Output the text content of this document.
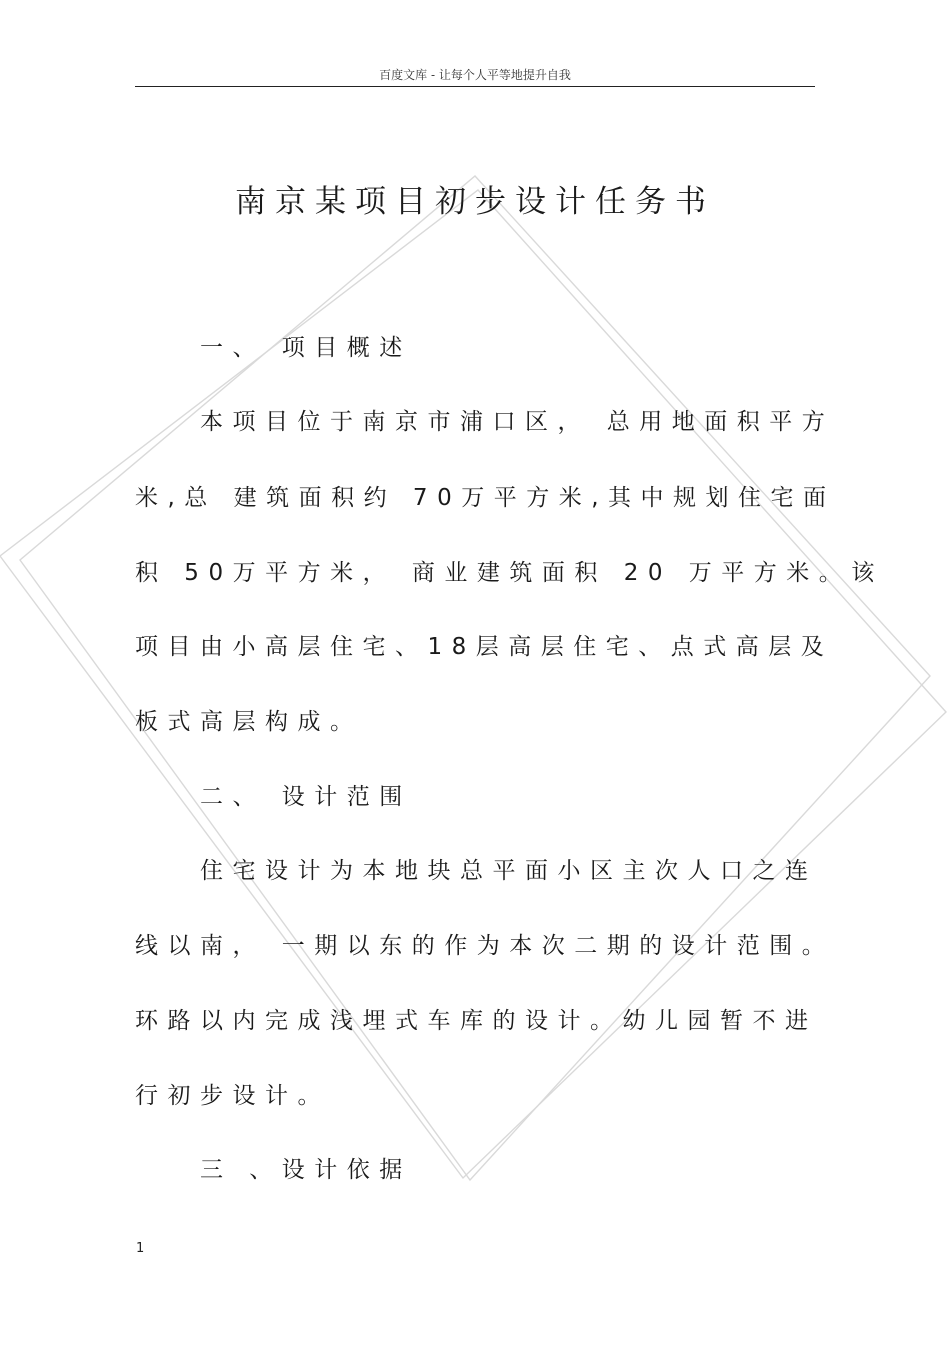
百度文库 - 让每个人平等地提升自我
南京某项目初步设计任务书
一、 项目概述
本项目位于南京市浦口区， 总用地面积平方
米,总 建筑面积约 70万平方米,其中规划住宅面
积 50万平方米， 商业建筑面积 20 万平方米。该
项目由小高层住宅、18层高层住宅、点式高层及
板式高层构成。
二、 设计范围
住宅设计为本地块总平面小区主次人口之连
线以南， 一期以东的作为本次二期的设计范围。
环路以内完成浅埋式车库的设计。幼儿园暂不进
行初步设计。
三 、设计依据
1
